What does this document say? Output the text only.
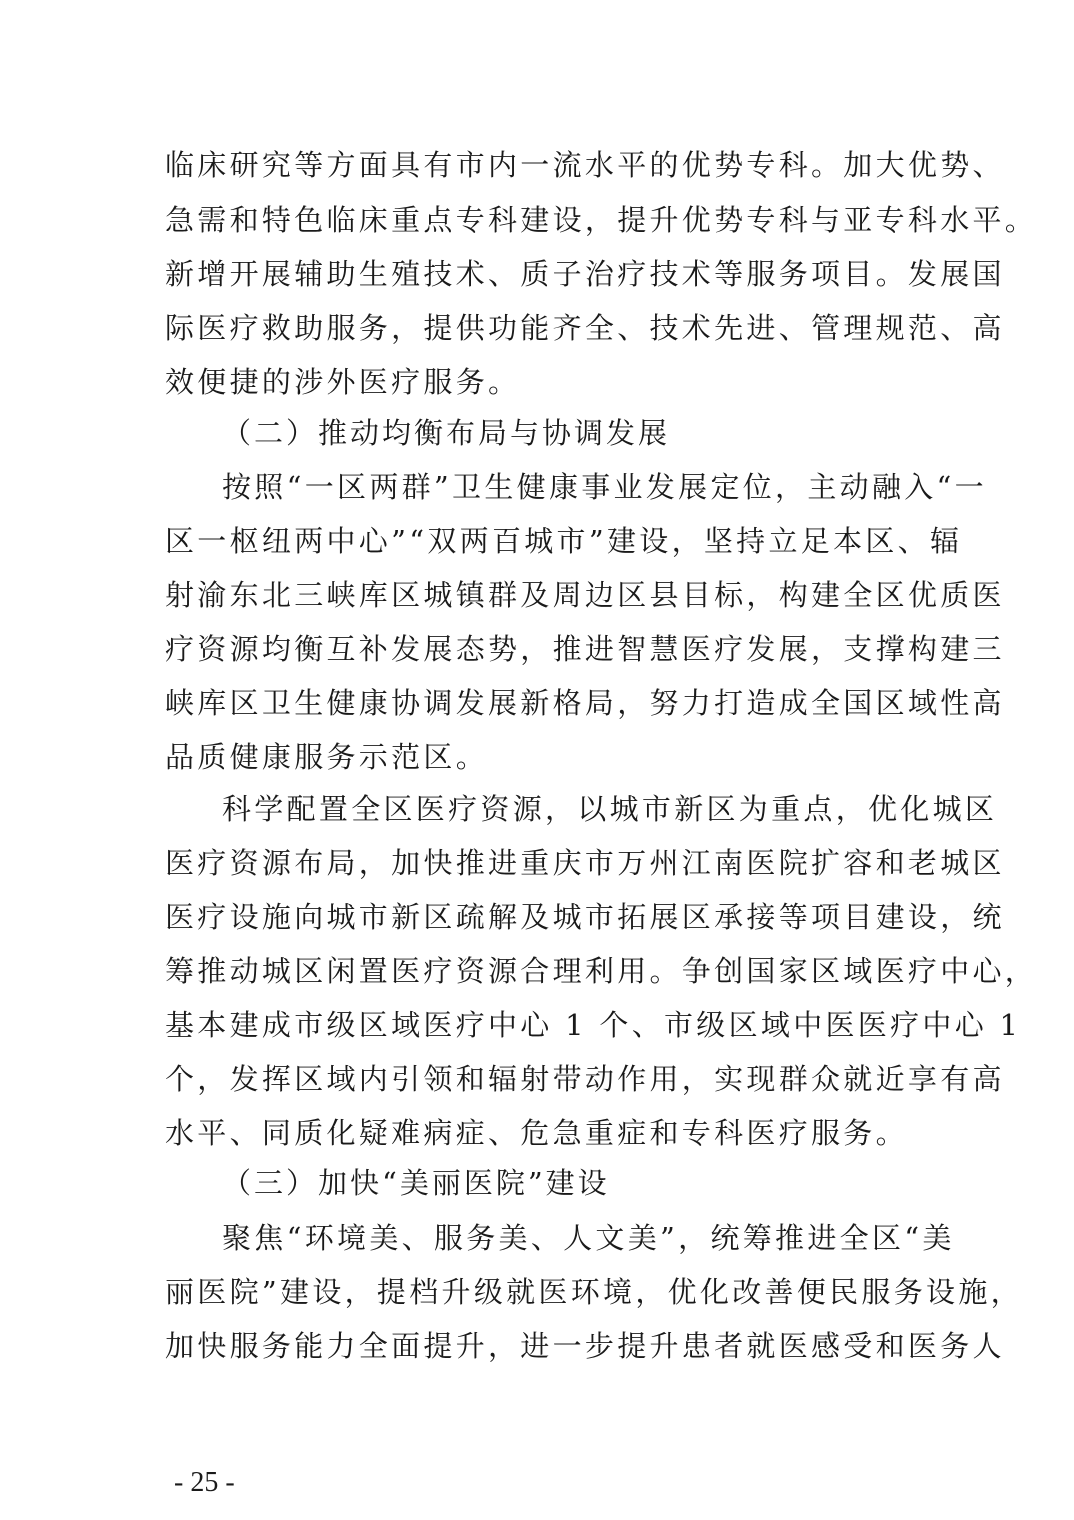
临床研究等方面具有市内一流水平的优势专科。加大优势、
急需和特色临床重点专科建设，提升优势专科与亚专科水平。
新增开展辅助生殖技术、质子治疗技术等服务项目。发展国
际医疗救助服务，提供功能齐全、技术先进、管理规范、高
效便捷的涉外医疗服务。
（二）推动均衡布局与协调发展
按照“一区两群”卫生健康事业发展定位，主动融入“一
区一枢纽两中心”“双两百城市”建设，坚持立足本区、辐
射渝东北三峡库区城镇群及周边区县目标，构建全区优质医
疗资源均衡互补发展态势，推进智慧医疗发展，支撑构建三
峡库区卫生健康协调发展新格局，努力打造成全国区域性高
品质健康服务示范区。
科学配置全区医疗资源，以城市新区为重点，优化城区
医疗资源布局，加快推进重庆市万州江南医院扩容和老城区
医疗设施向城市新区疏解及城市拓展区承接等项目建设，统
筹推动城区闲置医疗资源合理利用。争创国家区域医疗中心，
基本建成市级区域医疗中心 1 个、市级区域中医医疗中心 1
个，发挥区域内引领和辐射带动作用，实现群众就近享有高
水平、同质化疑难病症、危急重症和专科医疗服务。
（三）加快“美丽医院”建设
聚焦“环境美、服务美、人文美”，统筹推进全区“美
丽医院”建设，提档升级就医环境，优化改善便民服务设施，
加快服务能力全面提升，进一步提升患者就医感受和医务人
- 25 -
